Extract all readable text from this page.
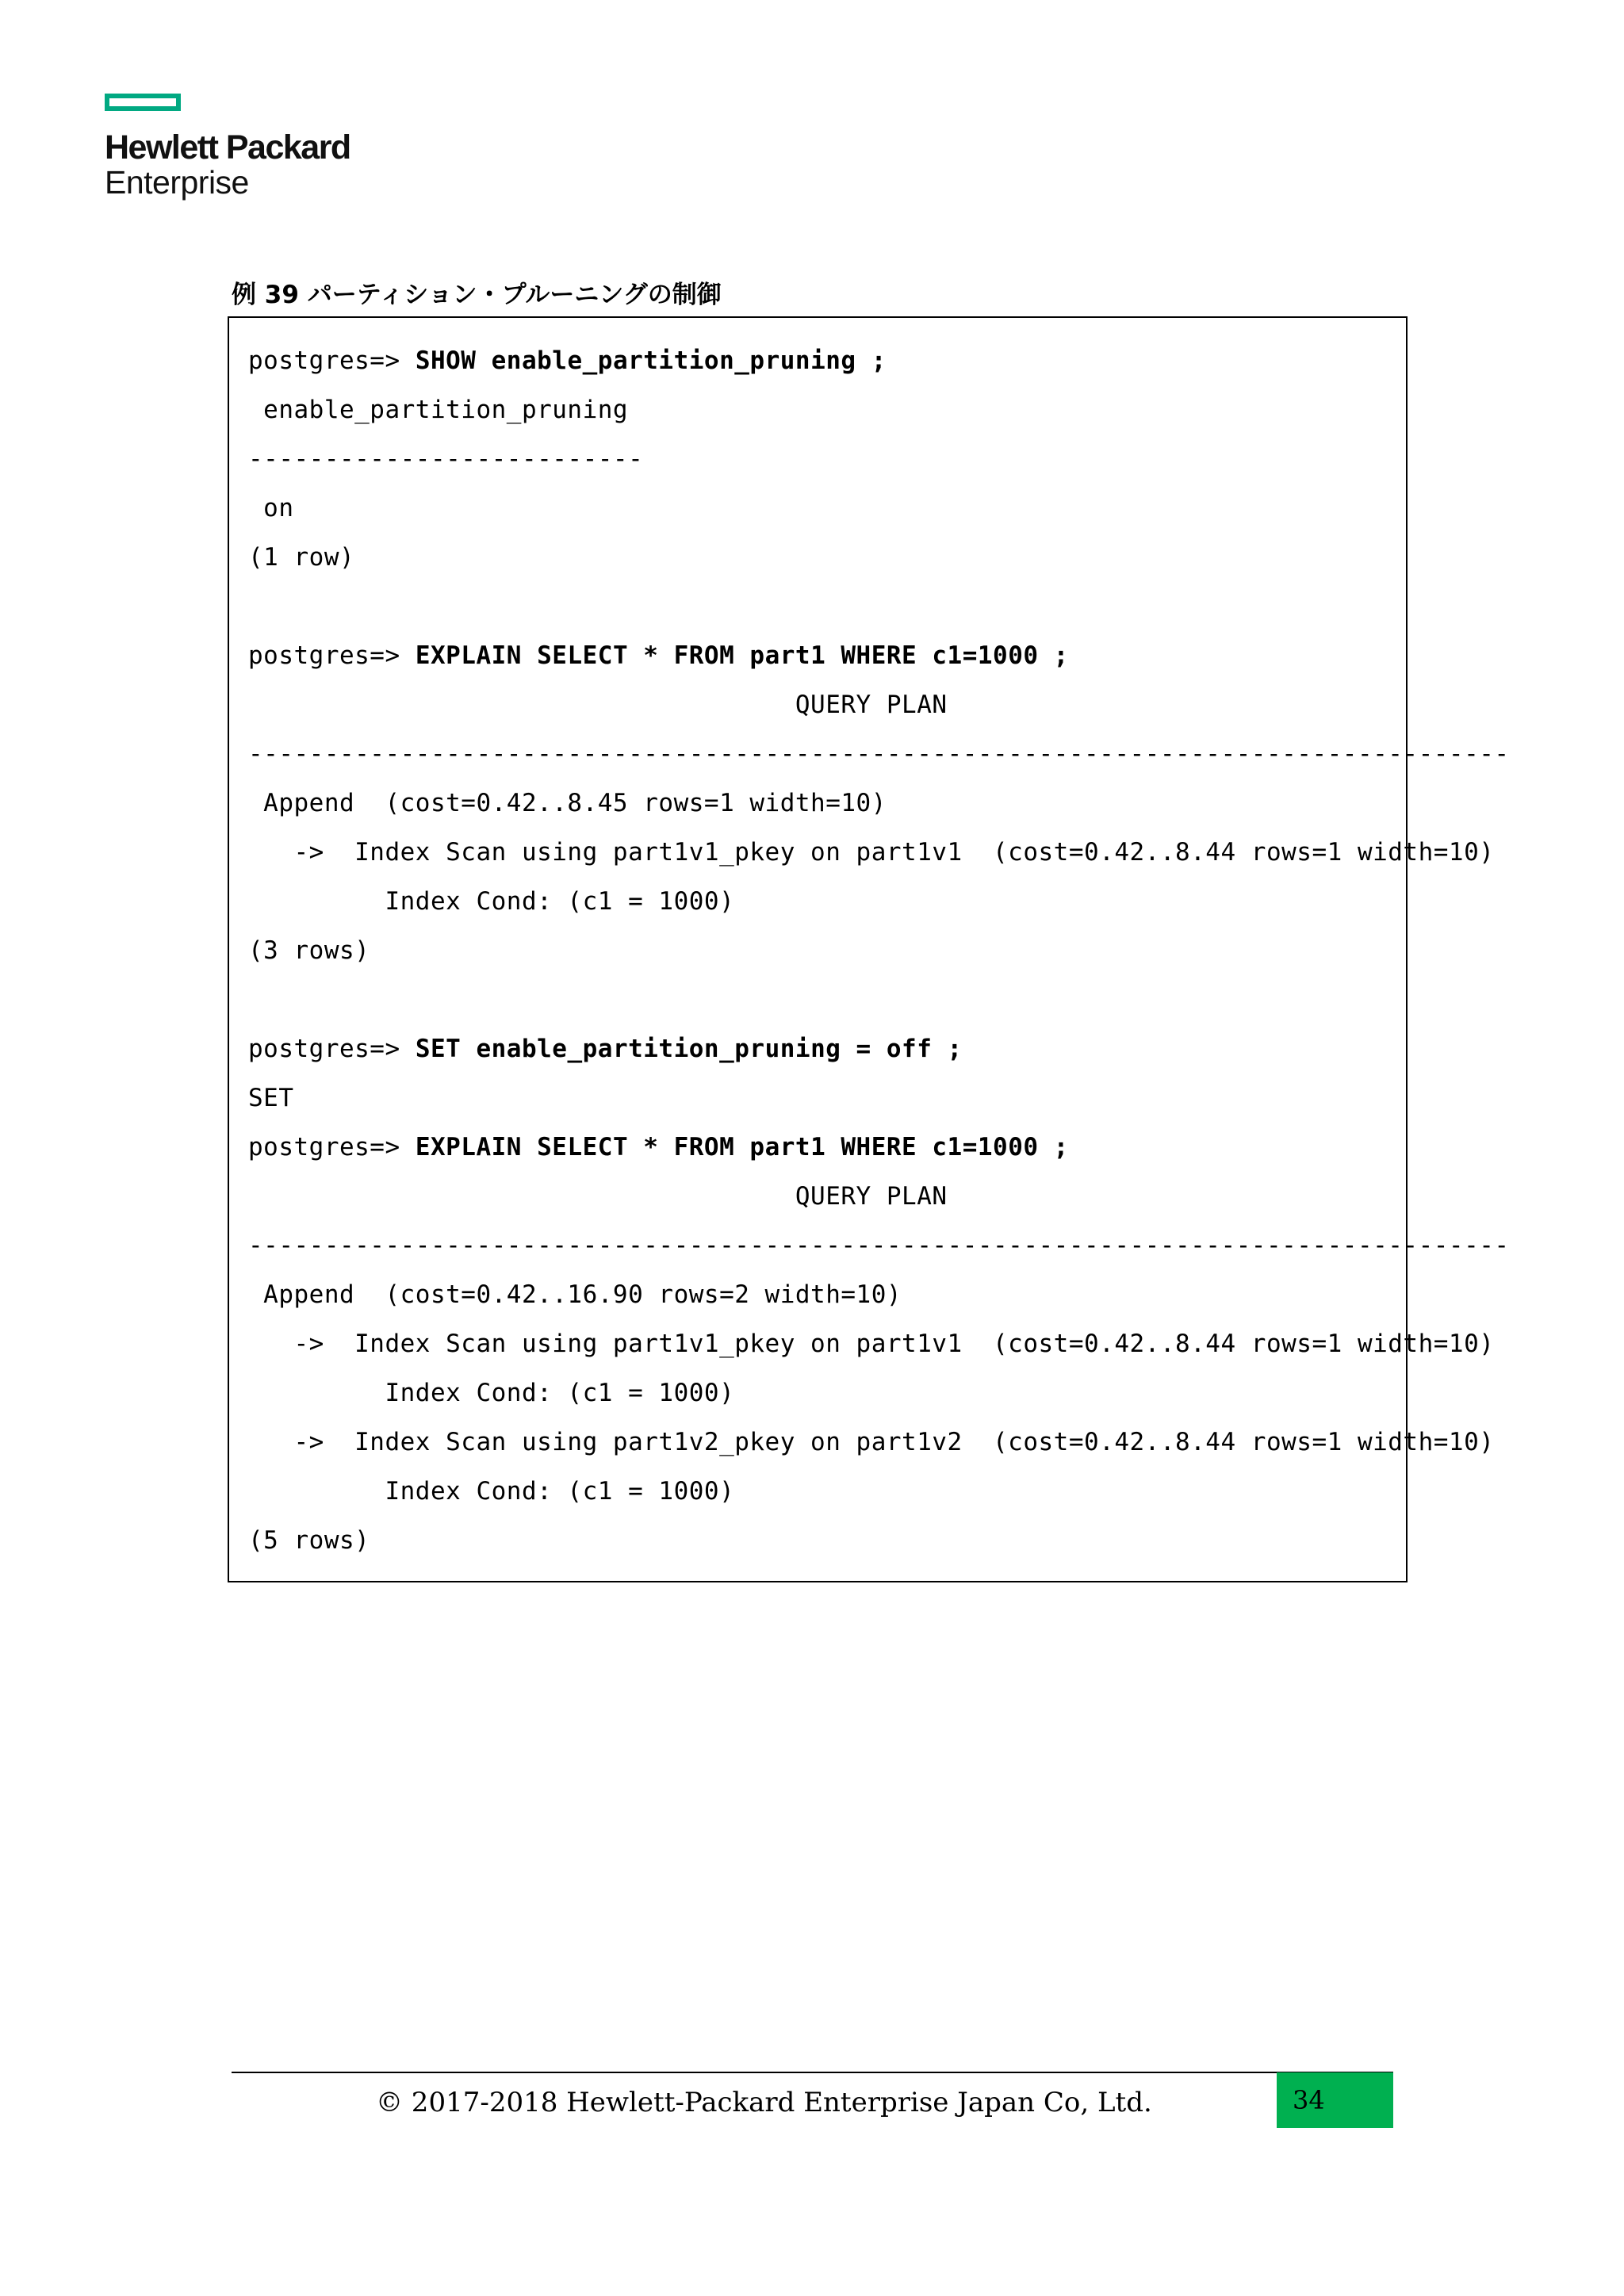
Hewlett Packard
Enterprise
例 39 パーティション・プルーニングの制御
postgres=> SHOW enable_partition_pruning ;
enable_partition_pruning
--------------------------
on
(1 row)
postgres=> EXPLAIN SELECT * FROM part1 WHERE c1=1000 ;
QUERY PLAN
-----------------------------------------------------------------------------------
Append  (cost=0.42..8.45 rows=1 width=10)
->  Index Scan using part1v1_pkey on part1v1  (cost=0.42..8.44 rows=1 width=10)
Index Cond: (c1 = 1000)
(3 rows)
postgres=> SET enable_partition_pruning = off ;
SET
postgres=> EXPLAIN SELECT * FROM part1 WHERE c1=1000 ;
QUERY PLAN
-----------------------------------------------------------------------------------
Append  (cost=0.42..16.90 rows=2 width=10)
->  Index Scan using part1v1_pkey on part1v1  (cost=0.42..8.44 rows=1 width=10)
Index Cond: (c1 = 1000)
->  Index Scan using part1v2_pkey on part1v2  (cost=0.42..8.44 rows=1 width=10)
Index Cond: (c1 = 1000)
(5 rows)
© 2017-2018 Hewlett-Packard Enterprise Japan Co, Ltd.	34
